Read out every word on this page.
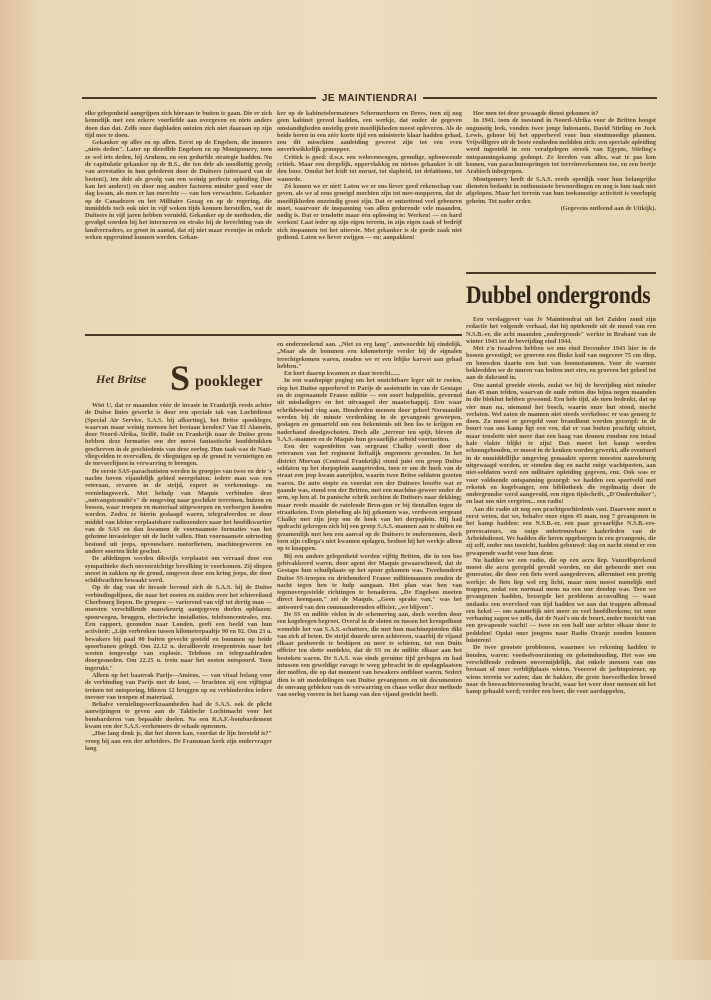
JE MAINTIENDRAI

elke gelegenheid aangrijpen zich hieraan te buiten te gaan. Die er zich kennelijk met een zekere voorliefde aan overgeven en niets anders doen dan dat. Zelfs onze dagbladen ontzien zich niet daaraan op zijn tijd mee te doen.

Gekanker op alles en op allen. Eerst op de Engelsen, die immers „niets deden". Later op diezelfde Engelsen en op Montgomery, toen ze wel iets deden, bij Arnhem, en een gedurfde strategie hadden. Nu de capitulatie gekanker op de B.S., die ten dele als noodlottig gevolg van arrestaties in hun gelederen door de Duitsers (uiteraard van de besten!), ten dele als gevolg van een weinig perfecte opleiding (hoe kan het anders!) en door nog andere factoren minder goed voor de dag kwam, als men er lan enrechte — van hen verwachtte. Gekanker op de Canadezen en het Militaire Gezag en op de regering, die inmiddels toch ook niet in vijf weken tijds konnen herstellen, wat de Duitsers in vijf jaren hebben vernield. Gekanker op de methoden, die gevolgd worden bij het interneren en straks bij de berechting van de landverraders, zo groot in aantal, dat zij niet maar eventjes in enkele weken opgeruimd kunnen worden. Gekan-

ker op de kabinetsformateurs Schermerhorn en Drees, toen zij nog geen kabinet gereed hadden, een werkje, dat onder de gegeven omstandigheden onstelig grote moeilijkheden moest opleveren. Als de beide heren in een zéér korte tijd een ministerie klaar hadden gehad, zou dit misschien aanleiding geweest zijn tot een even onverkwikkelijk gemopper.

Critiek is goed: d.w.z. een welovenwogen, grondige, opbouwende critiek. Maar een dergelijk, oppervlakkig en nietsos gekanker is uit den boze. Omdat het leidt tot onrust, tot slapheid, tot defaitisme, tot wanorde.

Zó komen we er niet! Laten we er ons liever goed rekenschap van geven, als we al eens geneigd mochten zijn tot mee-mopperen, dat de moeilijkheden onzeindig groot zijn. Dat er ontzettend veel gebeuren moet, waarvoor de inspanning van allen gedurende vele maanden, nodig is. Dat er tenslotte maar één oplossing is: Werken! — en hard werken! Laat ieder op zijn eigen terrein, in zijn eigen zaak of bedrijf zich inspannen tot het uiterste. Met gekanker is de goede zaak niet gediend. Laten we liever zwijgen — en: aanpakken!

Hoe men tot deze gewaagde dienst gekomen is?

In 1941, toen de toestand in Noord-Afrika voor de Britten hoogst ongunstig leek, vonden twee jonge luitenants, David Stirling en Jock Lewis, gehoor bij het opperbevel voor hun stoutmoedige plannen. Vrijwilligers uit de beste eenheden meldden zich: een speciale opleiding werd ingesteld in een verafgelegen streek van Egypte, Stirling's ontspanningskamp gedoopt. Ze leerden van alles, wat te pas kon komen, van parachutespringen tot terreinverkennen toe, en een beetje Arabisch inbegrepen.

Montgomery heeft de S.A.S. reeds openlijk voor hun belangrijke diensten bedankt in enthousiaste bewoordingen en nog is hun taak niet afgelopen. Maar het terrein van hun toekomstige activiteit is voorlopig geheim. Tot nader order.

(Gegevens ontleend aan de Uitkijk).

Het Britse S pookleger

Wist U, dat er maanden vóór de invasie in Frankrijk reeds achter de Duitse linies gewerkt is door een speciale tak van Luchtdienst (Special Air Service, S.A.S. bij afkorting), het Britse spookleger, waarvan maar weinig mensen het bestaan kenden? Van El Alamein, door Noord-Afrika, Sicilië, Italië en Frankrijk naar de Duitse grens hebben deze formaties een der meest fantastische hoofdstukken geschreven in de geschiedenis van deze oorlog. Hun taak was de Nazi-vliegvelden te overvallen, de vliegtuigen op de grond te vernietigen en de toevoerlijnen in verwarring te brengen.

De eerste SAS-parachutisten werden in groepjes van twee en drie 's nachts boven vijandelijk gebied neergelaten: iedere man was een veteraan, ervaren in de strijd, expert in verkennings- en vernielingswerk. Met behulp van Maquis verbinden deze „ontvangstcomité's" de omgeving naar geschikte terreinen, huizen en bossen, waar troepen en materiaal uitgeworpen en verborgen konden worden. Zodra ze hierin geslaagd waren, telegrafeerden ze door middel van kleine verplaatsbare radiozenders naar het hoofdkwartier van de SAS en dan kwamen de voornaamste formaties van het geheime invasieleger uit de lucht vallen. Hun voornaamste uitrusting bestond uit jeeps, opvouwbare motorfietsen, machinegeweren en andere soorten licht geschut.

De afdelingen werden dikwijls verplaatst om verraad door een sympathieke doch onvoorzichtige bevolking te voorkomen. Zij sliepen meest in zakken op de grond, omgeven door een kring jeeps, die door schildwachten bewaakt werd.

Op de dag van de invasie bevond zich de S.A.S. bij de Duitse verbindingslijnen, die naar het oosten en zuiden over het schiereiland Cherbourg liepen. De groepen — varierend van vijf tot dertig man — moesten verschillende nauwkeurig aangegeven doelen opblazen: spoorwegen, bruggen, electrische installaties, telefooncentrales, enz. Een rapport, gezonden naar Londen, geeft een beeld van hun activiteit: „Lijn verbroken tussen kilometerpaaltje 90 en 92. Om 23 u. bewakers bij paal 90 buiten gevecht gesteld en bommen op beide spoorbanen gelegd. Om 22.12 u. derailleerde troepentrein naar het westen tengevolge van explosie. Telefoon en telegraafdraden doorgesneden. Om 22.25 u. trein naar het oosten ontspoord. Toen ingerukt."

Alleen op het baanvak Parijs—Amiens, — van vitaal belang voor de verbinding van Parijs met de kust, — brachten zij een vijftigtal treinen tot ontsporing, bliezen 12 bruggen op en verhinderden iedere toevoer van troepen of materiaal.

Behalve vernielingswerkzaamheden had de S.A.S. ook de plicht aanwijzingen te geven aan de Taktische Luchtmacht voor het bombarderen van bepaalde doelen. Na een R.A.F.-bombardement kwam een der S.A.S.-verkenners de schade opnemen.

„Hoe lang denk je, dat het duren kan, voordat de lijn hersteld is?" vroeg hij aan een der arbeiders. De Fransman keek zijn ondervrager lang

en onderzoekend aan. „Niet zo erg lang", antwoordde hij eindelijk. „Maar als de bommen een kilometertje verder bij de signalen terechtgekomen waren, zouden we er een lelijke karwei aan gehad hebben."

En kort daarop kwamen ze daar terecht......

In een wanhopige poging om het onzichtbare leger uit te roeien, riep het Duitse opperbevel te Parijs de assistentie in van de Gestapo en de zogenaamde Franse militie — een soort hulppolitie, gevormd uit misdadigers en het uitvaagsel der maatschappij. Een waar schrikbewind ving aan. Honderden mensen door geheel Normandië werden bij de minste verdenking in de gevangenis geworpen, geslagen en gemarteld om een bekentenis uit hen los te krijgen en naderhand doodgeschoten. Doch alle „terreur ten spijt, bleven de S.A.S.-mannen en de Maquis hun gevaarlijke arbeid voortzetten.

Een der wapenfeiten van sergeant Chalky wordt door de veteranen van het regiment lieftalijk ongemeen gevonden. In het district Morvan (Centraal Frankrijk) stond juist een groep Duitse soldaten op het dorpsplein aangetreden, toen er om de hoek van de straat een jeep kwam aanrijden, waarin twee Britse soldaten gezeten waren. De auto stopte en voordat een der Duitsers besefte wat er gaande was, stond een der Britten, met een machine-geweer onder de arm, op hen af. In panische schrik zochten de Duitsers naar dekking; maar reeds maaide de ratelende Bren-gun er bij tientallen tegen de straatkeien. Even plotseling als hij gekomen was, verdween sergeant Chalky met zijn jeep om de hoek van het dorpsplein. Hij had opdracht gekregen zich bij een groep S.A.S.-mannen aan te sluiten en gezamenlijk met hen een aanval op de Duitsers te ondernemen, doch toen zijn collega's niet kwamen opdagen, besloot hij het werkje alleen op te knappen.

Bij een andere gelegenheid werden vijftig Britten, die in een bos gebivakkeerd waren, door agent der Maquis gewaarschuwd, dat de Gestapo hun schuilplaats op het spoor gekomen was. Tweehonderd Duitse SS-troepen en driehonderd Franse militiemannen zouden de nacht tegen hen te hulp aangaan. Het plan was hen van tegenovergestelde richtingen te benaderen. „De Engelsen moeten direct heengaan," zei de Maquis. „Geen sprake van," was het antwoord van den commanderenden officier, „we blijven".

De SS en militie vielen in de schemering aan, doch werden door een kogelregen begroet. Overal in de sloten en tussen het kreupelhout wemelde het van S.A.S.-schutters, die met hun machinepistolen dikt van zich af beten. De strijd duurde uren achtereen, waarbij de vijand elkaar probeerde te beshipen en neer te schieten, tot een Duits officier ten slotte ontdekte, dat de SS en de militie elkaar aan het bestoken waren. De S.A.S. was sinds geruime tijd gevlogen en had intussen een geweldige ravage te weeg gebracht in de opslagplaatsen der moffen, die op dat moment van bewakers ontbloot waren. Sedert dien is uit mededelingen van Duitse gevangenen en uit documenten de omvang gebleken van de verwarring en chaos welke deze methode van oorlog voeren in het kamp van den vijand gesticht heeft.

Dubbel ondergronds

Een verslaggever van Je Maintiendrai uit het Zuiden zond zijn redactie het volgende verhaal, dat hij optekende uit de mond van een N.S.B.-er, die acht maanden „ondergronds" werkte in Brabant van de winter 1943 tot de bevrijding eind 1944.

Met z'n twaalven hebben we ons eind December 1943 hier in de bossen gevestigd; we groeven een flinke kuil van ongeveer 75 cm diep, en bouwden daarin een hut van boomstammen. Voor de warmte bekleedden we de muren van buiten met stro, en groeven het geheel tot aan de dakrand in.

Ons aantal groeide steeds, zodat we bij de bevrijding niet minder dan 45 man telden, waarvan de oude rotten dus bijna negen maanden in die blokhut hebben gewoond. Een hele tijd, als men bedenkt, dat op vier man na, niemand het bosch, waarin onze hut stond, mocht verlaten. Wel zaten de mannen niet steeds werkeloos: er was genoeg te doen. Zo moest er geregeld voor brandhout worden gezorgd: in de buurt van ons kamp ligt een ven, dat er van buiten prachtig uitziet, maar tenslotte niet meer dan een haag van dennen rondom een totaal kale vlakte blijkt te zijn! Dan moest het kamp worden schoongehouden, er moest in de keuken worden gewerkt, alle eventueel in de onmiddellijke omgeving gemaakte sporen moesten nauwkeurig uitgewaagd worden, er stonden dag en nacht enige wachtposten, aan niet-soldaten werd een militaire opleiding gegeven, enz. Ook was er voor voldoende ontspanning gezorgd: we hadden een sportveld met rekstok en kogelvanger, een bibliotheek die regelmatig door de ondergrondse werd aangevuld, een eigen tijdschrift, „D'Onderduiker", en laat ons niet vergeten... een radio!

Aan die radio zit nog een prachtgeschiedenis vast. Daarvoor moet u eerst weten, dat we, behalve onze eigen 45 man, nog 7 gevangenen in het kamp hadden: een N.S.B.-er, een paar gevaarlijke N.S.B.-ers-provocateurs, en enige onbetrouwbare kaderleden van de Arbeidsdienst. We hadden die heren opgeborgen in een gevangenis, die zij zelf, onder ons toezicht, hadden gebouwd: dag en nacht stond er een gewapende wacht voor hun deur.

Nu hadden we een radio, die op een accu liep. Vanzelfsprekend moest die accu geregeld gevuld worden, en dat gebeurde met een generator, die door een fiets werd aangedreven, allerminst een prettig werkje: de fiets liep wel erg licht, maar men moest namelijk snel trappen, zodat een normaal mens na een uur doodop was. Toen we gevangenen hadden, bezorgde het probleem accuvulling — want ondanks een overvloed van tijd hadden we aan dat trappen allemaal een hekel — ons natuurlijk niet meer zo veel hoofdbrekens; tot onze verbazing zagen we zelfs, dat de Nazi's om de beurt, onder toezicht van een gewapende wacht! — twee en een half uur achter elkaar door te peddelen! Opdat onze jongens naar Radio Oranje zouden kunnen luisteren!

De twee grootste problemen, waarmee we rekening hadden te houden, waren: voedselvoorziening en geheimhouding. Het was om verschillende redenen onvermijdelijk, dat enkele mensen van ons bestaan of onze verblijfplaats wisten. Voorerst de jachtopziener, op wiens terrein we zaten; dan de bakker, die grote hoeveelheden brood naar de boswachterswoning bracht, waar het weer door mensen uit het kamp gehaald werd; verder een boer, die voor aardappelen,
